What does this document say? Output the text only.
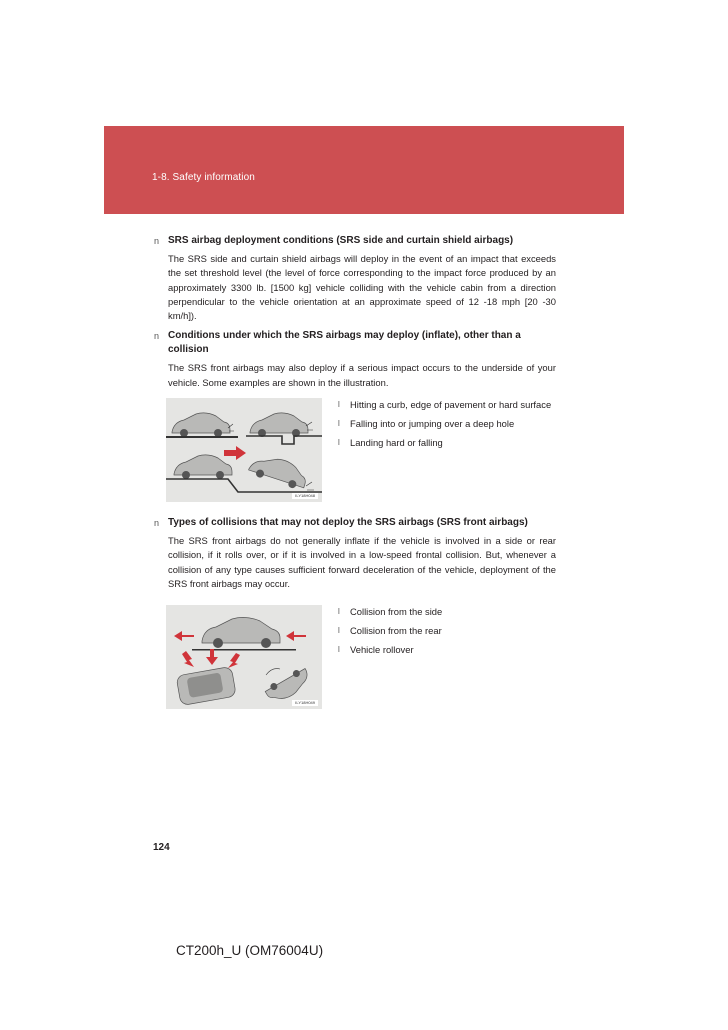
1-8. Safety information

n SRS airbag deployment conditions (SRS side and curtain shield airbags)

The SRS side and curtain shield airbags will deploy in the event of an impact that exceeds the set threshold level (the level of force corresponding to the impact force produced by an approximately 3300 lb. [1500 kg] vehicle colliding with the vehicle cabin from a direction perpendicular to the vehicle orientation at an approximate speed of 12 -18 mph [20 -30 km/h]).

n Conditions under which the SRS airbags may deploy (inflate), other than a collision

The SRS front airbags may also deploy if a serious impact occurs to the underside of your vehicle. Some examples are shown in the illustration.

ILY18H048
l Hitting a curb, edge of pavement or hard surface
l Falling into or jumping over a deep hole
l Landing hard or falling

n Types of collisions that may not deploy the SRS airbags (SRS front airbags)

The SRS front airbags do not generally inflate if the vehicle is involved in a side or rear collision, if it rolls over, or if it is involved in a low-speed frontal collision. But, whenever a collision of any type causes sufficient forward deceleration of the vehicle, deployment of the SRS front airbags may occur.

ILY18H049
l Collision from the side
l Collision from the rear
l Vehicle rollover
124
CT200h_U (OM76004U)
